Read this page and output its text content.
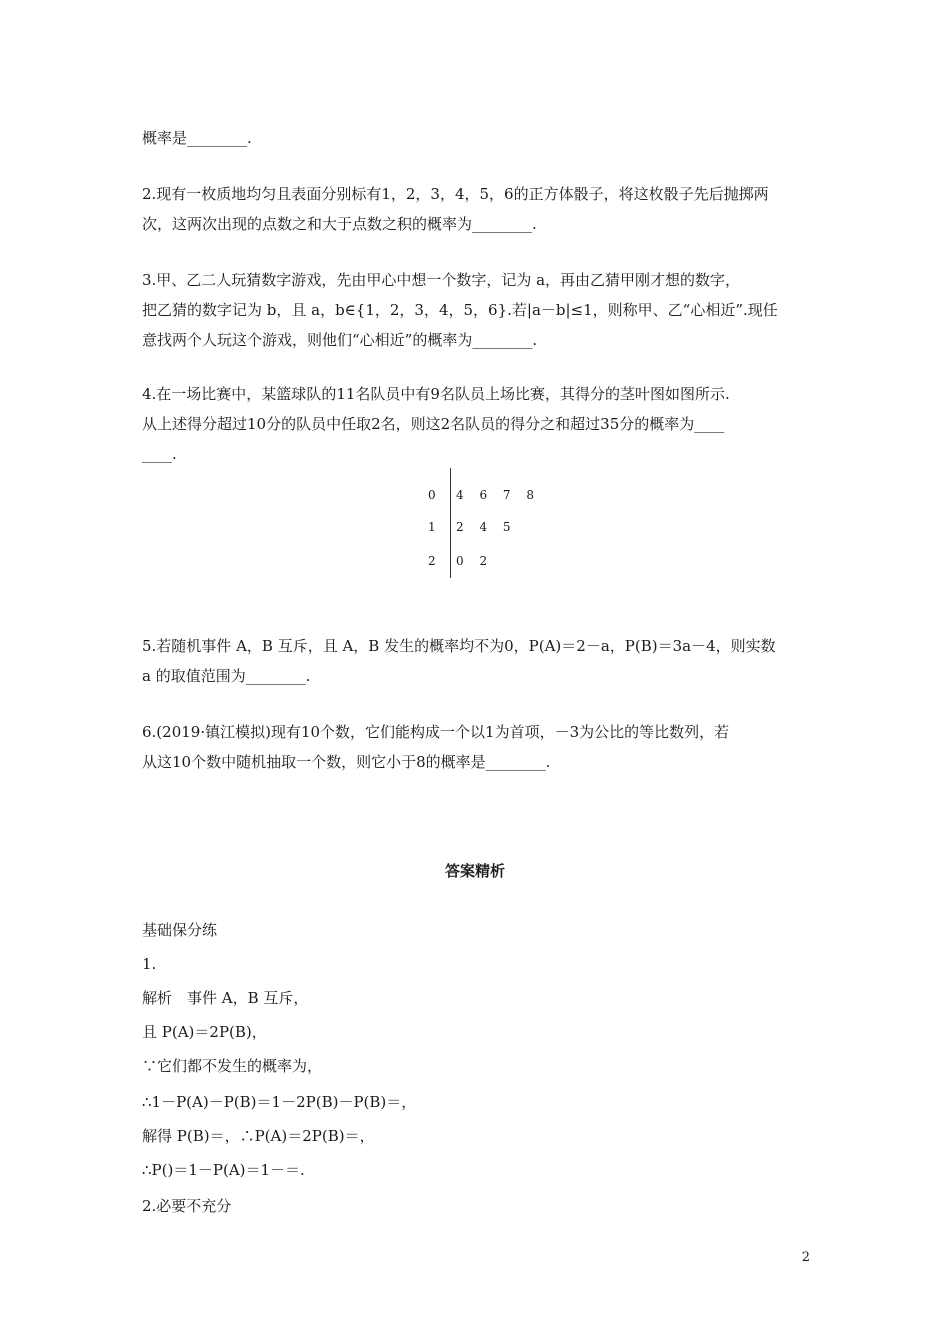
概率是________.
2.现有一枚质地均匀且表面分别标有1，2，3，4，5，6的正方体骰子，将这枚骰子先后抛掷两
次，这两次出现的点数之和大于点数之积的概率为________.
3.甲、乙二人玩猜数字游戏，先由甲心中想一个数字，记为 a，再由乙猜甲刚才想的数字，
把乙猜的数字记为 b，且 a，b∈{1，2，3，4，5，6}.若|a－b|≤1，则称甲、乙“心相近”.现任
意找两个人玩这个游戏，则他们“心相近”的概率为________.
4.在一场比赛中，某篮球队的11名队员中有9名队员上场比赛，其得分的茎叶图如图所示.
从上述得分超过10分的队员中任取2名，则这2名队员的得分之和超过35分的概率为____
____.
0 4 6 7 8
1 2 4 5
2 0 2
5.若随机事件 A，B 互斥，且 A，B 发生的概率均不为0，P(A)＝2－a，P(B)＝3a－4，则实数
a 的取值范围为________.
6.(2019·镇江模拟)现有10个数，它们能构成一个以1为首项，－3为公比的等比数列，若
从这10个数中随机抽取一个数，则它小于8的概率是________.
答案精析
基础保分练
1.
解析　事件 A，B 互斥，
且 P(A)＝2P(B)，
∵它们都不发生的概率为，
∴1－P(A)－P(B)＝1－2P(B)－P(B)＝，
解得 P(B)＝，∴P(A)＝2P(B)＝，
∴P()＝1－P(A)＝1－＝.
2.必要不充分
2
